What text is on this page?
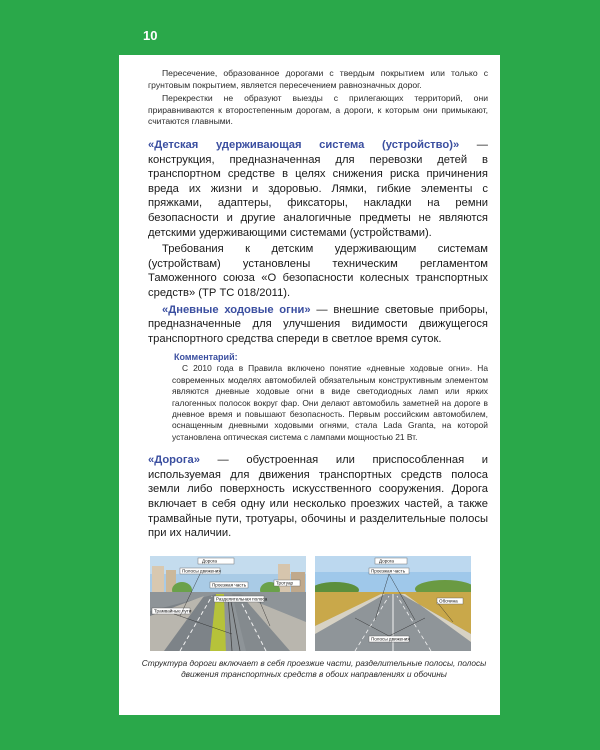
10

Пересечение, образованное дорогами с твердым покрытием или только с грунтовым покрытием, является пересечением равнозначных дорог.

Перекрестки не образуют выезды с прилегающих территорий, они приравниваются к второстепенным дорогам, а дороги, к которым они примыкают, считаются главными.

«Детская удерживающая система (устройство)» — конструкция, предназначенная для перевозки детей в транспортном средстве в целях снижения риска причинения вреда их жизни и здоровью. Лямки, гибкие элементы с пряжками, адаптеры, фиксаторы, накладки на ремни безопасности и другие аналогичные предметы не являются детскими удерживающими системами (устройствами).

Требования к детским удерживающим системам (устройствам) установлены техническим регламентом Таможенного союза «О безопасности колесных транспортных средств» (ТР ТС 018/2011).

«Дневные ходовые огни» — внешние световые приборы, предназначенные для улучшения видимости движущегося транспортного средства спереди в светлое время суток.

Комментарий:

С 2010 года в Правила включено понятие «дневные ходовые огни». На современных моделях автомобилей обязательным конструктивным элементом являются дневные ходовые огни в виде светодиодных ламп или ярких галогенных полосок вокруг фар. Они делают автомобиль заметней на дороге в дневное время и повышают безопасность. Первым российским автомобилем, оснащенным дневными ходовыми огнями, стала Lada Granta, на которой установлена оптическая система с лампами мощностью 21 Вт.

«Дорога» — обустроенная или приспособленная и используемая для движения транспортных средств полоса земли либо поверхность искусственного сооружения. Дорога включает в себя одну или несколько проезжих частей, а также трамвайные пути, тротуары, обочины и разделительные полосы при их наличии.

Дорога
Полосы движения
Проезжая часть	Тротуар
Разделительная полоса
Трамвайные пути
Дорога
Проезжая часть
Обочина
Полосы движения

Структура дороги включает в себя проезжие части, разделительные полосы, полосы движения транспортных средств в обоих направлениях и обочины
